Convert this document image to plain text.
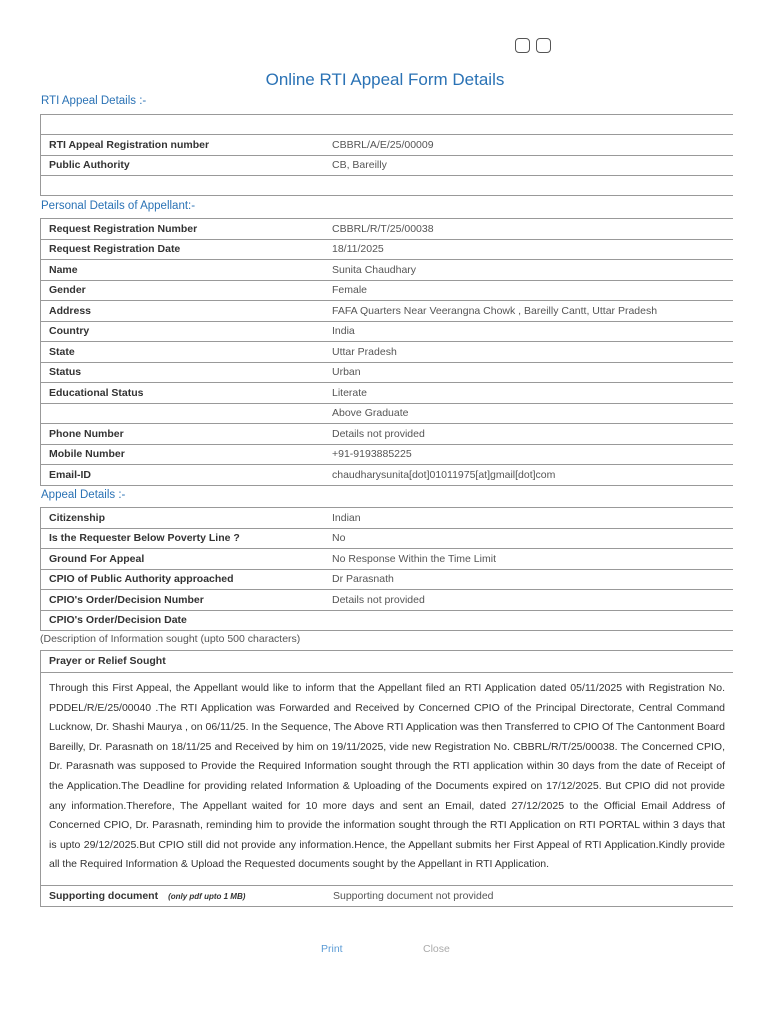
Online RTI Appeal Form Details
RTI Appeal Details :-

RTI Appeal Registration number	CBBRL/A/E/25/00009
Public Authority	CB, Bareilly

Personal Details of Appellant:-
Request Registration Number	CBBRL/R/T/25/00038
Request Registration Date	18/11/2025
Name	Sunita Chaudhary
Gender	Female
Address	FAFA Quarters Near Veerangna Chowk , Bareilly Cantt, Uttar Pradesh
Country	India
State	Uttar Pradesh
Status	Urban
Educational Status	Literate
	Above Graduate
Phone Number	Details not provided
Mobile Number	+91-9193885225
Email-ID	chaudharysunita[dot]01011975[at]gmail[dot]com
Appeal Details :-
Citizenship	Indian
Is the Requester Below Poverty Line ?	No
Ground For Appeal	No Response Within the Time Limit
CPIO of Public Authority approached	Dr Parasnath
CPIO's Order/Decision Number	Details not provided
CPIO's Order/Decision Date	
(Description of Information sought (upto 500 characters)
Prayer or Relief Sought
Through this First Appeal, the Appellant would like to inform that the Appellant filed an RTI Application dated 05/11/2025 with Registration No. PDDEL/R/E/25/00040 .The RTI Application was Forwarded and Received by Concerned CPIO of the Principal Directorate, Central Command Lucknow, Dr. Shashi Maurya , on 06/11/25. In the Sequence, The Above RTI Application was then Transferred to CPIO Of The Cantonment Board Bareilly, Dr. Parasnath on 18/11/25 and Received by him on 19/11/2025, vide new Registration No. CBBRL/R/T/25/00038. The Concerned CPIO, Dr. Parasnath was supposed to Provide the Required Information sought through the RTI application within 30 days from the date of Receipt of the Application.The Deadline for providing related Information & Uploading of the Documents expired on 17/12/2025. But CPIO did not provide any information.Therefore, The Appellant waited for 10 more days and sent an Email, dated 27/12/2025 to the Official Email Address of Concerned CPIO, Dr. Parasnath, reminding him to provide the information sought through the RTI Application on RTI PORTAL within 3 days that is upto 29/12/2025.But CPIO still did not provide any information.Hence, the Appellant submits her First Appeal of RTI Application.Kindly provide all the Required Information & Upload the Requested documents sought by the Appellant in RTI Application.
Supporting document (only pdf upto 1 MB)	Supporting document not provided
Print	Close
